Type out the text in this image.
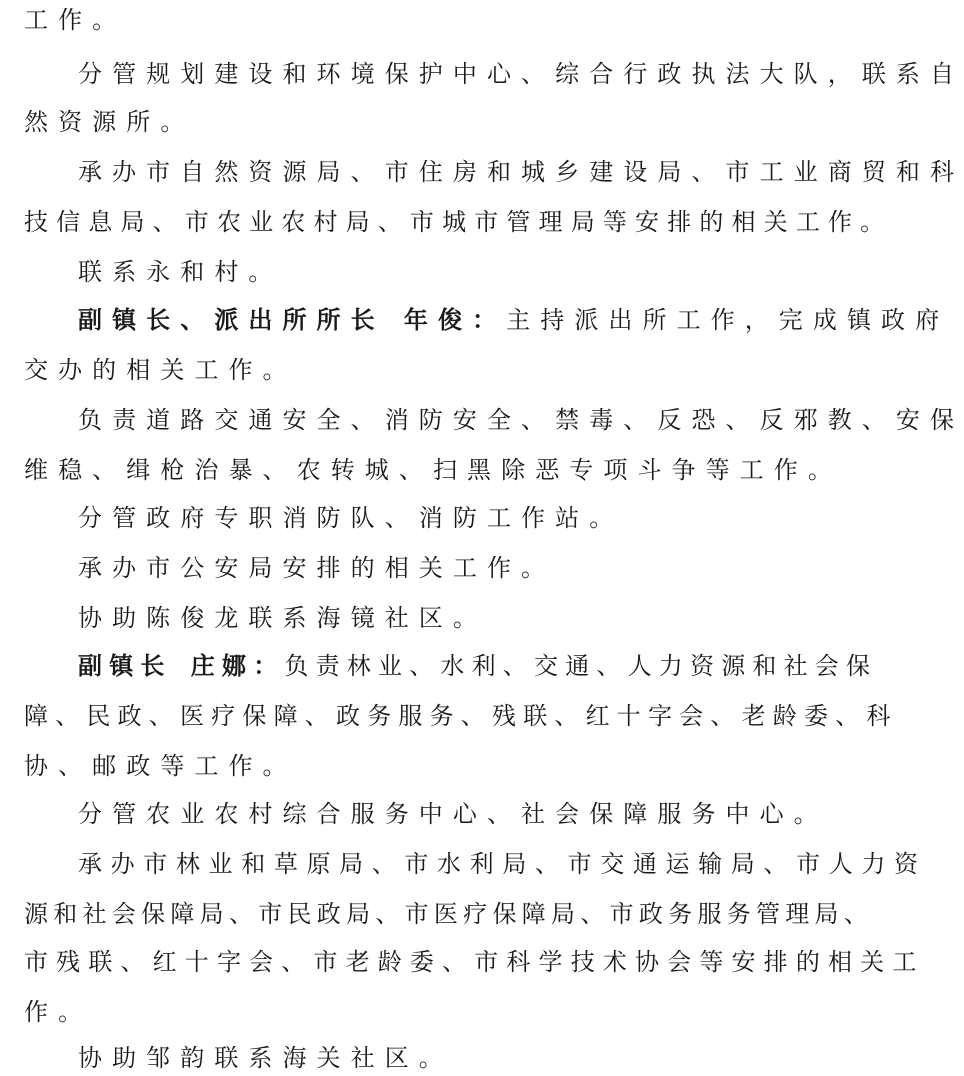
工作。
分管规划建设和环境保护中心、综合行政执法大队，联系自
然资源所。
承办市自然资源局、市住房和城乡建设局、市工业商贸和科
技信息局、市农业农村局、市城市管理局等安排的相关工作。
联系永和村。
副镇长、派出所所长 年俊：主持派出所工作，完成镇政府
交办的相关工作。
负责道路交通安全、消防安全、禁毒、反恐、反邪教、安保
维稳、缉枪治暴、农转城、扫黑除恶专项斗争等工作。
分管政府专职消防队、消防工作站。
承办市公安局安排的相关工作。
协助陈俊龙联系海镜社区。
副镇长 庄娜：负责林业、水利、交通、人力资源和社会保
障、民政、医疗保障、政务服务、残联、红十字会、老龄委、科
协、邮政等工作。
分管农业农村综合服务中心、社会保障服务中心。
承办市林业和草原局、市水利局、市交通运输局、市人力资
源和社会保障局、市民政局、市医疗保障局、市政务服务管理局、
市残联、红十字会、市老龄委、市科学技术协会等安排的相关工
作。
协助邹韵联系海关社区。
